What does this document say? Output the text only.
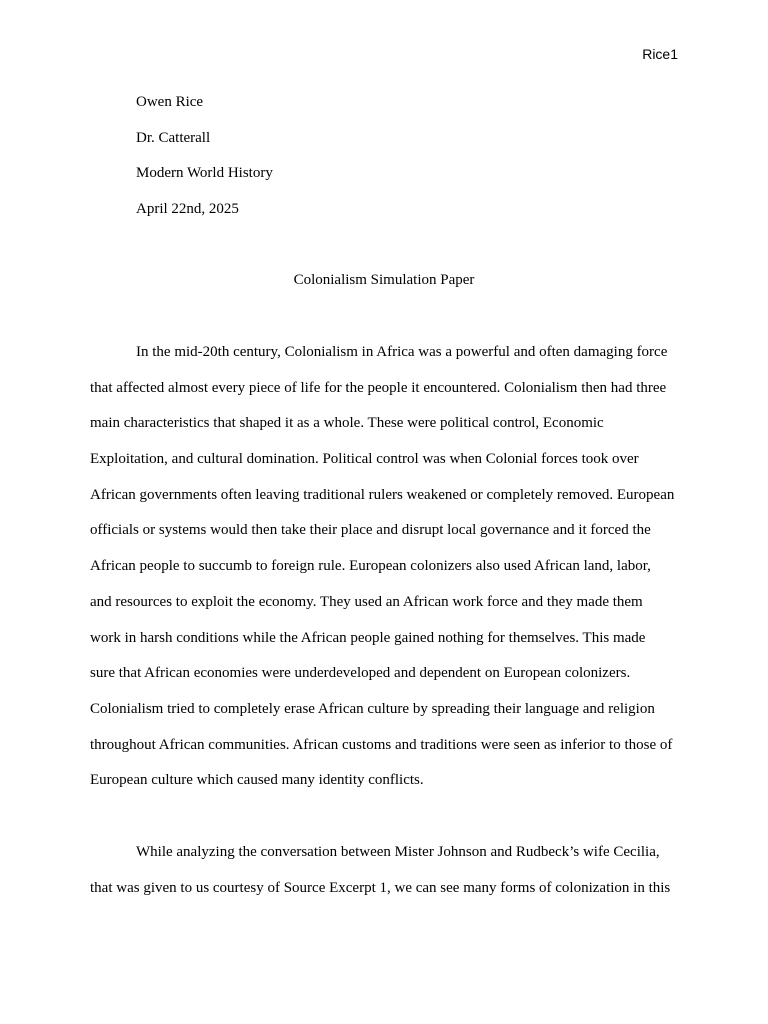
Rice1
Owen Rice
Dr. Catterall
Modern World History
April 22nd, 2025
Colonialism Simulation Paper
In the mid-20th century, Colonialism in Africa was a powerful and often damaging force
that affected almost every piece of life for the people it encountered. Colonialism then had three
main characteristics that shaped it as a whole. These were political control, Economic
Exploitation, and cultural domination. Political control was when Colonial forces took over
African governments often leaving traditional rulers weakened or completely removed. European
officials or systems would then take their place and disrupt local governance and it forced the
African people to succumb to foreign rule. European colonizers also used African land, labor,
and resources to exploit the economy. They used an African work force and they made them
work in harsh conditions while the African people gained nothing for themselves. This made
sure that African economies were underdeveloped and dependent on European colonizers.
Colonialism tried to completely erase African culture by spreading their language and religion
throughout African communities. African customs and traditions were seen as inferior to those of
European culture which caused many identity conflicts.
While analyzing the conversation between Mister Johnson and Rudbeck’s wife Cecilia,
that was given to us courtesy of Source Excerpt 1, we can see many forms of colonization in this
